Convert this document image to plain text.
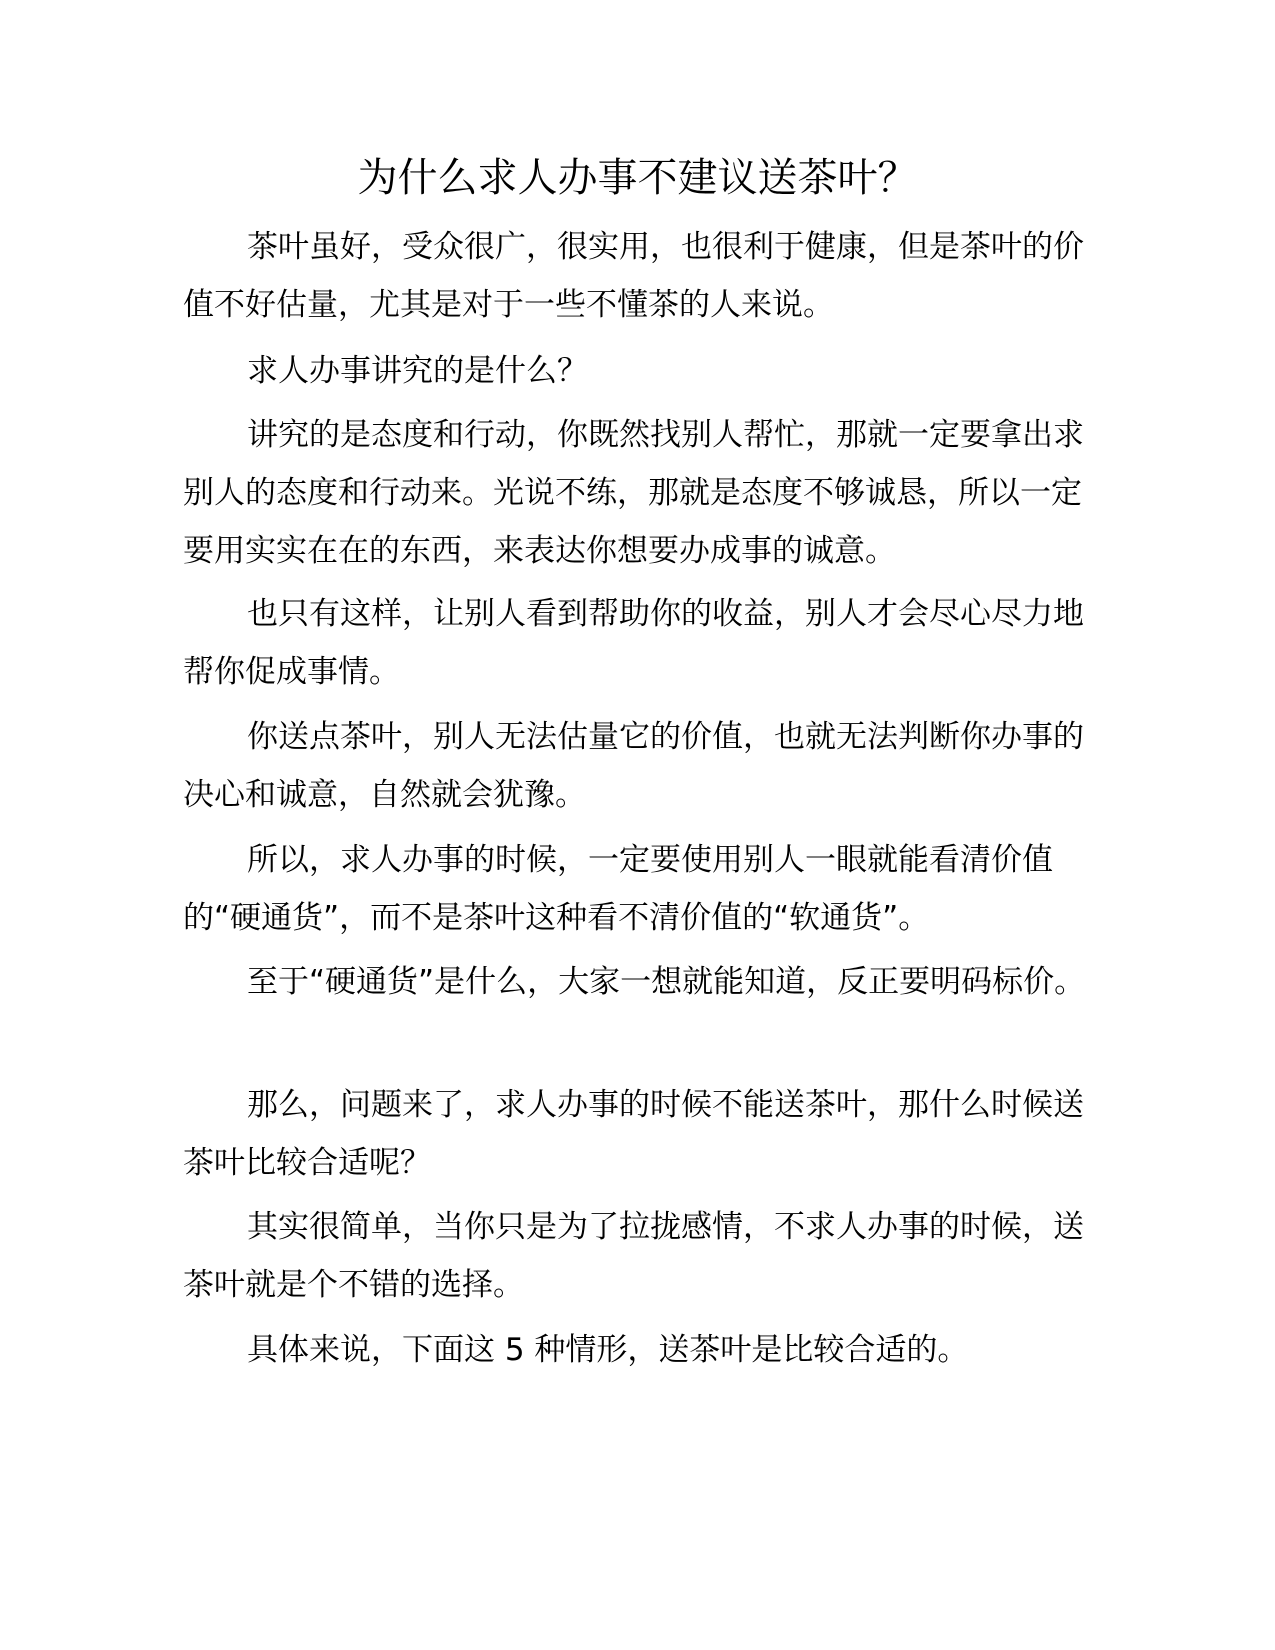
为什么求人办事不建议送茶叶？

茶叶虽好，受众很广，很实用，也很利于健康，但是茶叶的价值不好估量，尤其是对于一些不懂茶的人来说。

求人办事讲究的是什么？

讲究的是态度和行动，你既然找别人帮忙，那就一定要拿出求别人的态度和行动来。光说不练，那就是态度不够诚恳，所以一定要用实实在在的东西，来表达你想要办成事的诚意。

也只有这样，让别人看到帮助你的收益，别人才会尽心尽力地帮你促成事情。

你送点茶叶，别人无法估量它的价值，也就无法判断你办事的决心和诚意，自然就会犹豫。

所以，求人办事的时候，一定要使用别人一眼就能看清价值的“硬通货”，而不是茶叶这种看不清价值的“软通货”。

至于“硬通货”是什么，大家一想就能知道，反正要明码标价。

那么，问题来了，求人办事的时候不能送茶叶，那什么时候送茶叶比较合适呢？

其实很简单，当你只是为了拉拢感情，不求人办事的时候，送茶叶就是个不错的选择。

具体来说，下面这 5 种情形，送茶叶是比较合适的。
